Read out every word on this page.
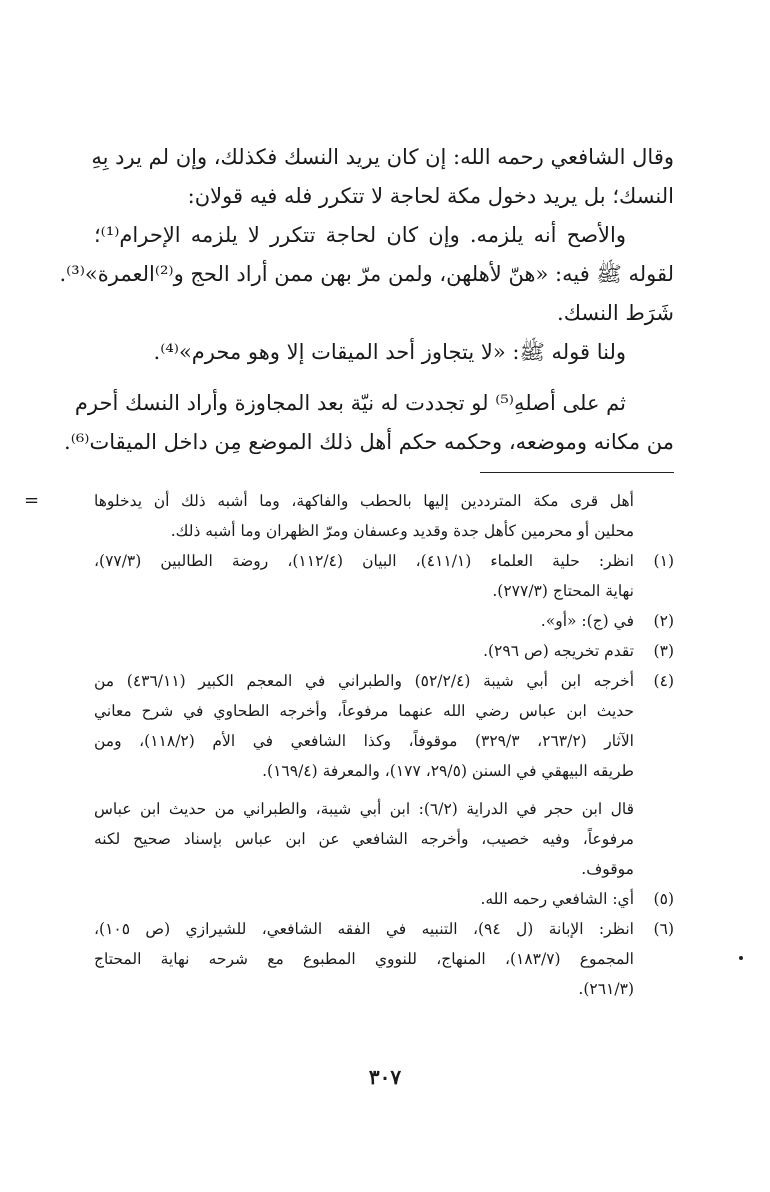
وقال الشافعي رحمه الله: إن كان يريد النسك فكذلك، وإن لم يرد بِهِ
النسك؛ بل يريد دخول مكة لحاجة لا تتكرر فله فيه قولان:
والأصح أنه يلزمه. وإن كان لحاجة تتكرر لا يلزمه الإحرام⁽¹⁾؛
لقوله ﷺ فيه: «هنّ لأهلهن، ولمن مرّ بهن ممن أراد الحج و⁽²⁾العمرة»⁽³⁾.
شَرَط النسك.
ولنا قوله ﷺ: «لا يتجاوز أحد الميقات إلا وهو محرم»⁽⁴⁾.
ثم على أصلهِ⁽⁵⁾ لو تجددت له نيّة بعد المجاوزة وأراد النسك أحرم
من مكانه وموضعه، وحكمه حكم أهل ذلك الموضع مِن داخل الميقات⁽⁶⁾.
=	أهل قرى مكة المترددين إليها بالحطب والفاكهة، وما أشبه ذلك أن يدخلوها
محلين أو محرمين كأهل جدة وقديد وعسفان ومرّ الظهران وما أشبه ذلك.
(١)
انظر: حلية العلماء (٤١١/١)، البيان (١١٢/٤)، روضة الطالبين (٧٧/٣)،
نهاية المحتاج (٢٧٧/٣).
(٢)
في (ج): «أو».
(٣)
تقدم تخريجه (ص ٢٩٦).
(٤)
أخرجه ابن أبي شيبة (٥٢/٢/٤) والطبراني في المعجم الكبير (٤٣٦/١١) من
حديث ابن عباس رضي الله عنهما مرفوعاً، وأخرجه الطحاوي في شرح معاني
الآثار (٢٦٣/٢، ٣٢٩/٣) موقوفاً، وكذا الشافعي في الأم (١١٨/٢)، ومن
طريقه البيهقي في السنن (٢٩/٥، ١٧٧)، والمعرفة (١٦٩/٤).
قال ابن حجر في الدراية (٦/٢): ابن أبي شيبة، والطبراني من حديث ابن عباس
مرفوعاً، وفيه خصيب، وأخرجه الشافعي عن ابن عباس بإسناد صحيح لكنه
موقوف.
(٥)
أي: الشافعي رحمه الله.
(٦)
انظر: الإبانة (ل ٩٤)، التنبيه في الفقه الشافعي، للشيرازي (ص ١٠٥)،
المجموع (١٨٣/٧)، المنهاج، للنووي المطبوع مع شرحه نهاية المحتاج
(٢٦١/٣).
٣٠٧
